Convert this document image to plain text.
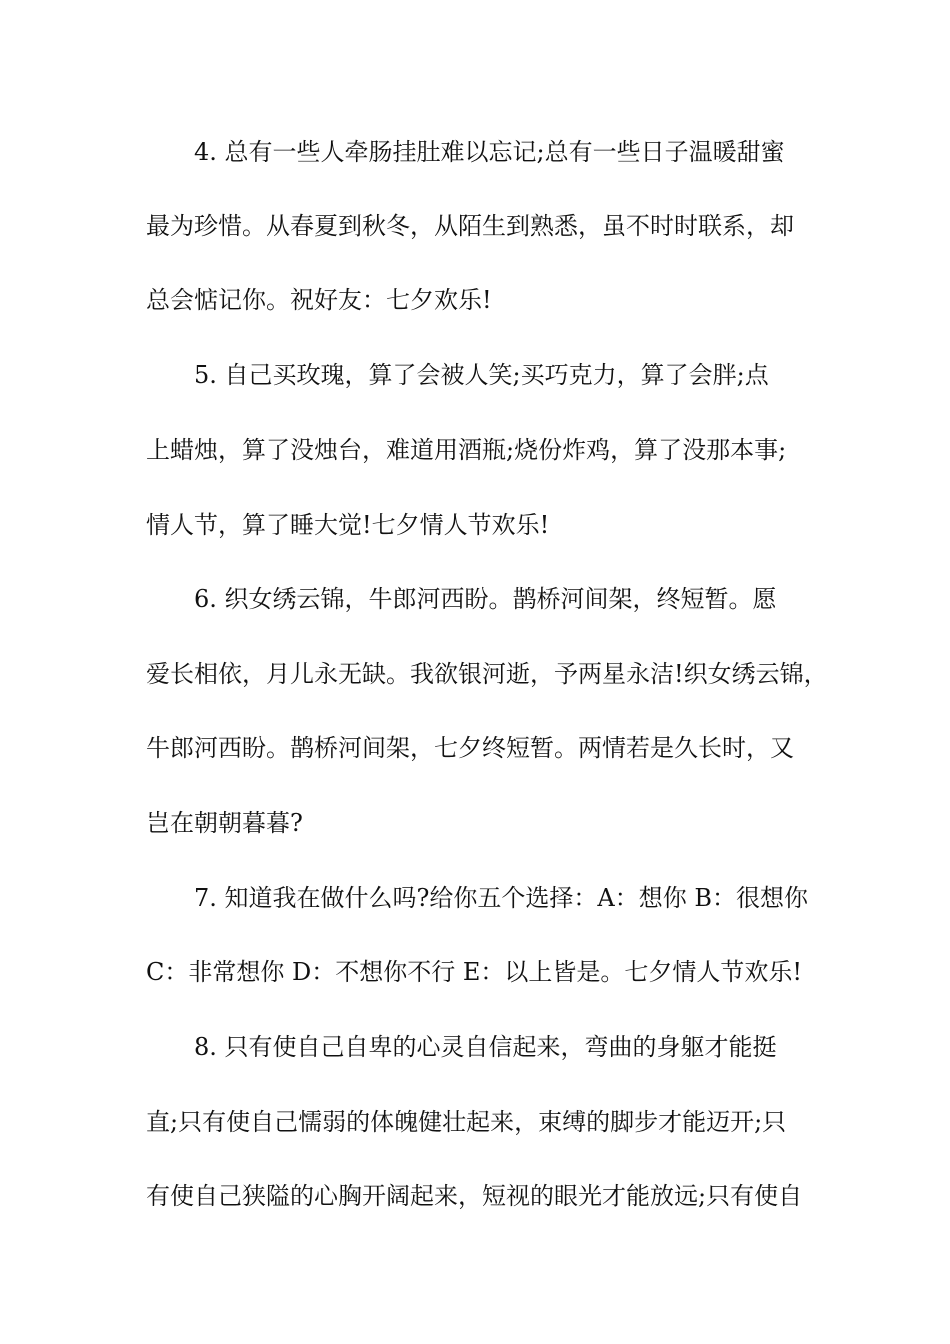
4. 总有一些人牵肠挂肚难以忘记;总有一些日子温暖甜蜜
最为珍惜。从春夏到秋冬，从陌生到熟悉，虽不时时联系，却
总会惦记你。祝好友：七夕欢乐!
5. 自己买玫瑰，算了会被人笑;买巧克力，算了会胖;点
上蜡烛，算了没烛台，难道用酒瓶;烧份炸鸡，算了没那本事;
情人节，算了睡大觉!七夕情人节欢乐!
6. 织女绣云锦，牛郎河西盼。鹊桥河间架，终短暂。愿
爱长相依，月儿永无缺。我欲银河逝，予两星永洁!织女绣云锦，
牛郎河西盼。鹊桥河间架，七夕终短暂。两情若是久长时，又
岂在朝朝暮暮?
7. 知道我在做什么吗?给你五个选择：A：想你 B：很想你
C：非常想你 D：不想你不行 E：以上皆是。七夕情人节欢乐!
8. 只有使自己自卑的心灵自信起来，弯曲的身躯才能挺
直;只有使自己懦弱的体魄健壮起来，束缚的脚步才能迈开;只
有使自己狭隘的心胸开阔起来，短视的眼光才能放远;只有使自
